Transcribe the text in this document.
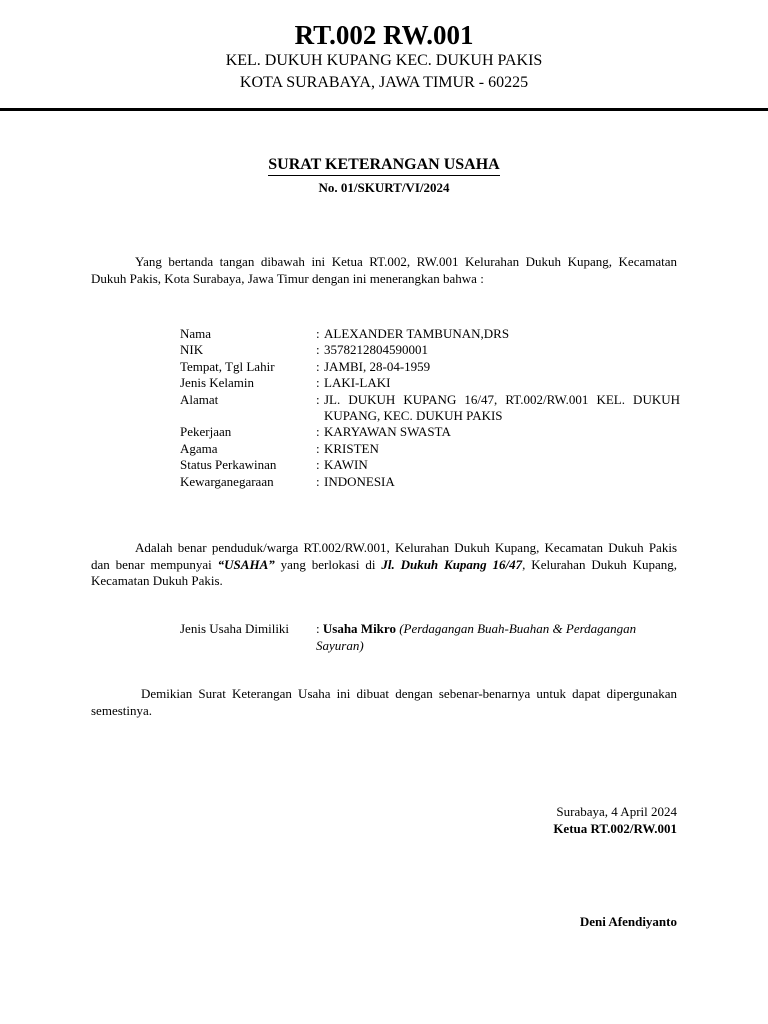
RT.002 RW.001
KEL. DUKUH KUPANG KEC. DUKUH PAKIS
KOTA SURABAYA, JAWA TIMUR - 60225
SURAT KETERANGAN USAHA
No. 01/SKURT/VI/2024
Yang bertanda tangan dibawah ini Ketua RT.002, RW.001 Kelurahan Dukuh Kupang, Kecamatan Dukuh Pakis, Kota Surabaya, Jawa Timur dengan ini menerangkan bahwa :
Nama	: ALEXANDER TAMBUNAN,DRS
NIK	: 3578212804590001
Tempat, Tgl Lahir	: JAMBI, 28-04-1959
Jenis Kelamin	: LAKI-LAKI
Alamat	: JL. DUKUH KUPANG 16/47, RT.002/RW.001 KEL. DUKUH KUPANG, KEC. DUKUH PAKIS
Pekerjaan	: KARYAWAN SWASTA
Agama	: KRISTEN
Status Perkawinan	: KAWIN
Kewarganegaraan	: INDONESIA
Adalah benar penduduk/warga RT.002/RW.001, Kelurahan Dukuh Kupang, Kecamatan Dukuh Pakis dan benar mempunyai “USAHA” yang berlokasi di Jl. Dukuh Kupang 16/47, Kelurahan Dukuh Kupang, Kecamatan Dukuh Pakis.
Jenis Usaha Dimiliki	: Usaha Mikro (Perdagangan Buah-Buahan & Perdagangan Sayuran)
Demikian Surat Keterangan Usaha ini dibuat dengan sebenar-benarnya untuk dapat dipergunakan semestinya.
Surabaya, 4 April 2024
Ketua RT.002/RW.001
Deni Afendiyanto
